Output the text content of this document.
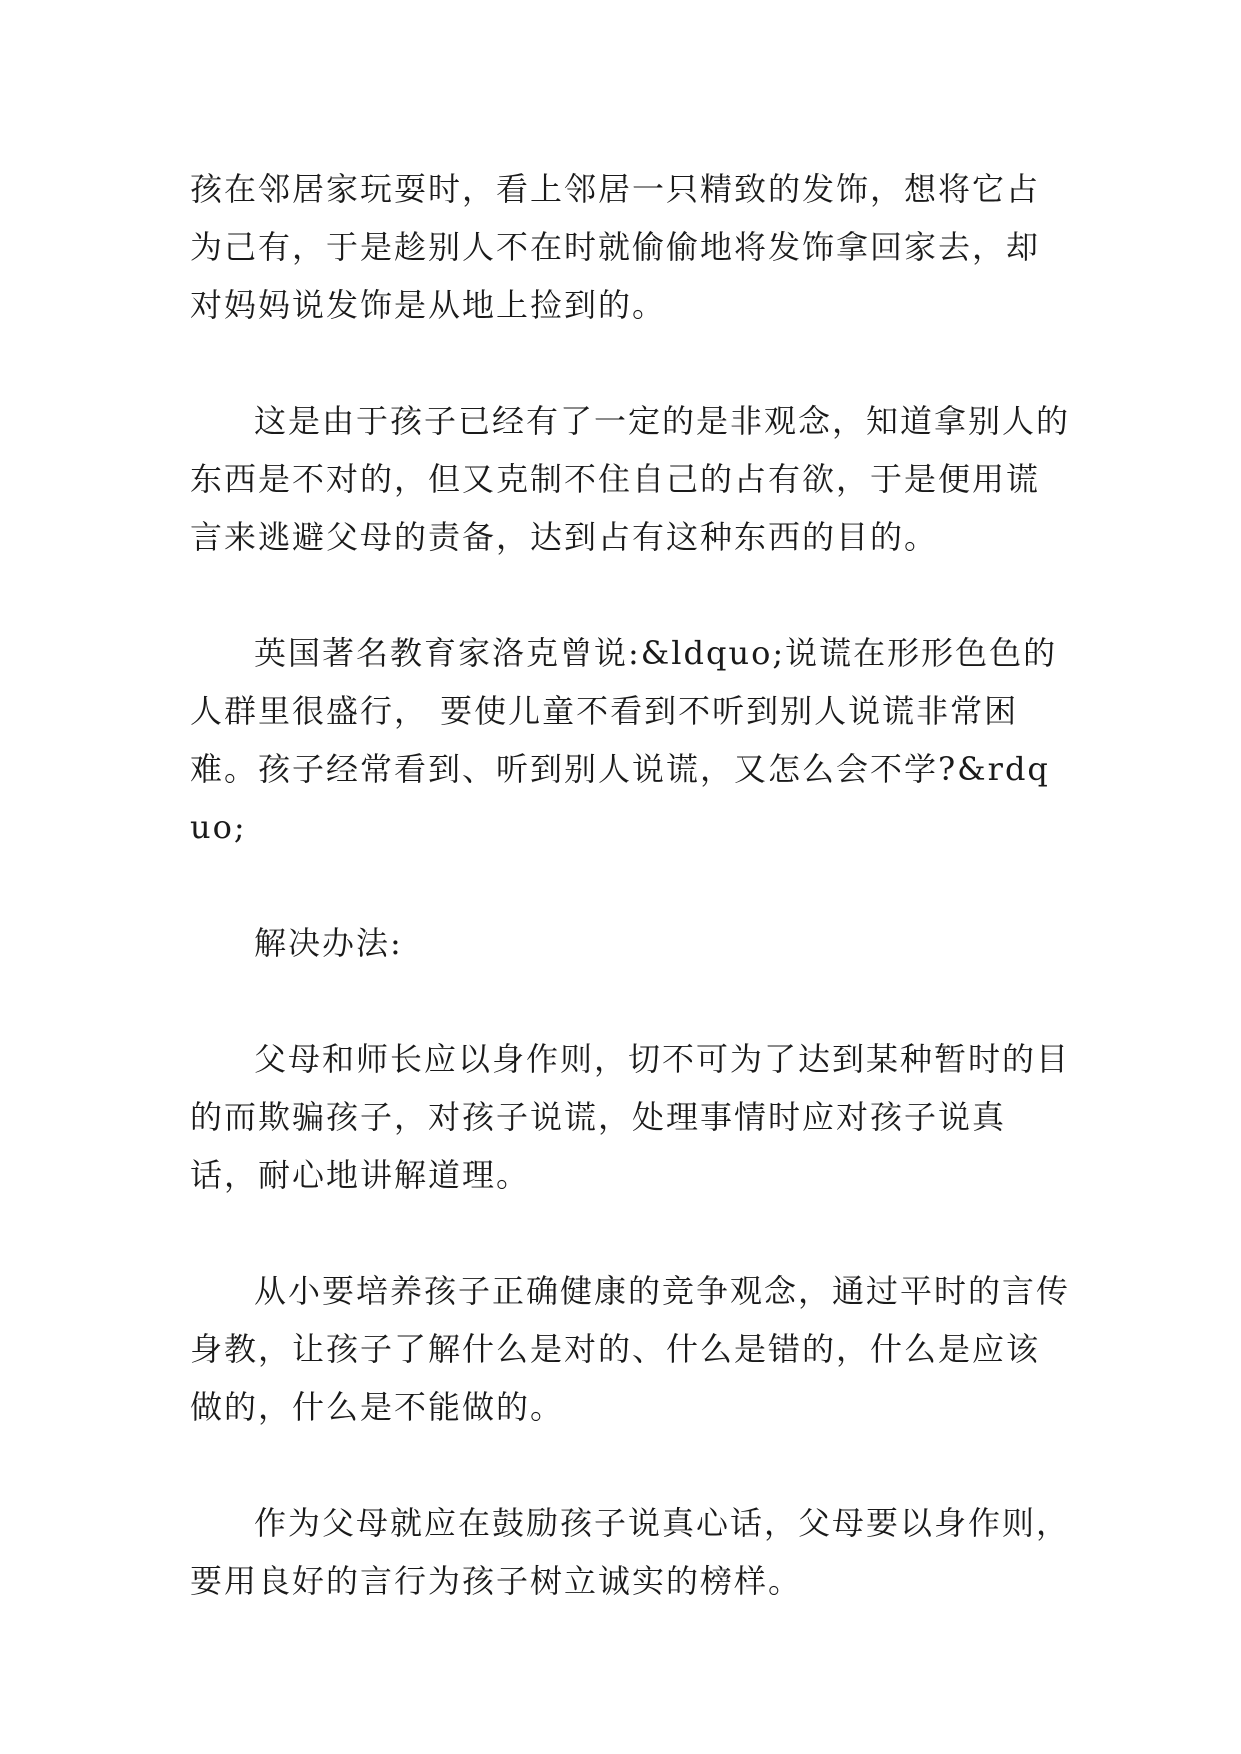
孩在邻居家玩耍时，看上邻居一只精致的发饰，想将它占为己有，于是趁别人不在时就偷偷地将发饰拿回家去，却对妈妈说发饰是从地上捡到的。

这是由于孩子已经有了一定的是非观念，知道拿别人的东西是不对的，但又克制不住自己的占有欲，于是便用谎言来逃避父母的责备，达到占有这种东西的目的。

英国著名教育家洛克曾说:&ldquo;说谎在形形色色的人群里很盛行， 要使儿童不看到不听到别人说谎非常困难。孩子经常看到、听到别人说谎，又怎么会不学?&rdquo;

解决办法:

父母和师长应以身作则，切不可为了达到某种暂时的目的而欺骗孩子，对孩子说谎，处理事情时应对孩子说真话，耐心地讲解道理。

从小要培养孩子正确健康的竞争观念，通过平时的言传身教，让孩子了解什么是对的、什么是错的，什么是应该做的，什么是不能做的。

作为父母就应在鼓励孩子说真心话，父母要以身作则，要用良好的言行为孩子树立诚实的榜样。
